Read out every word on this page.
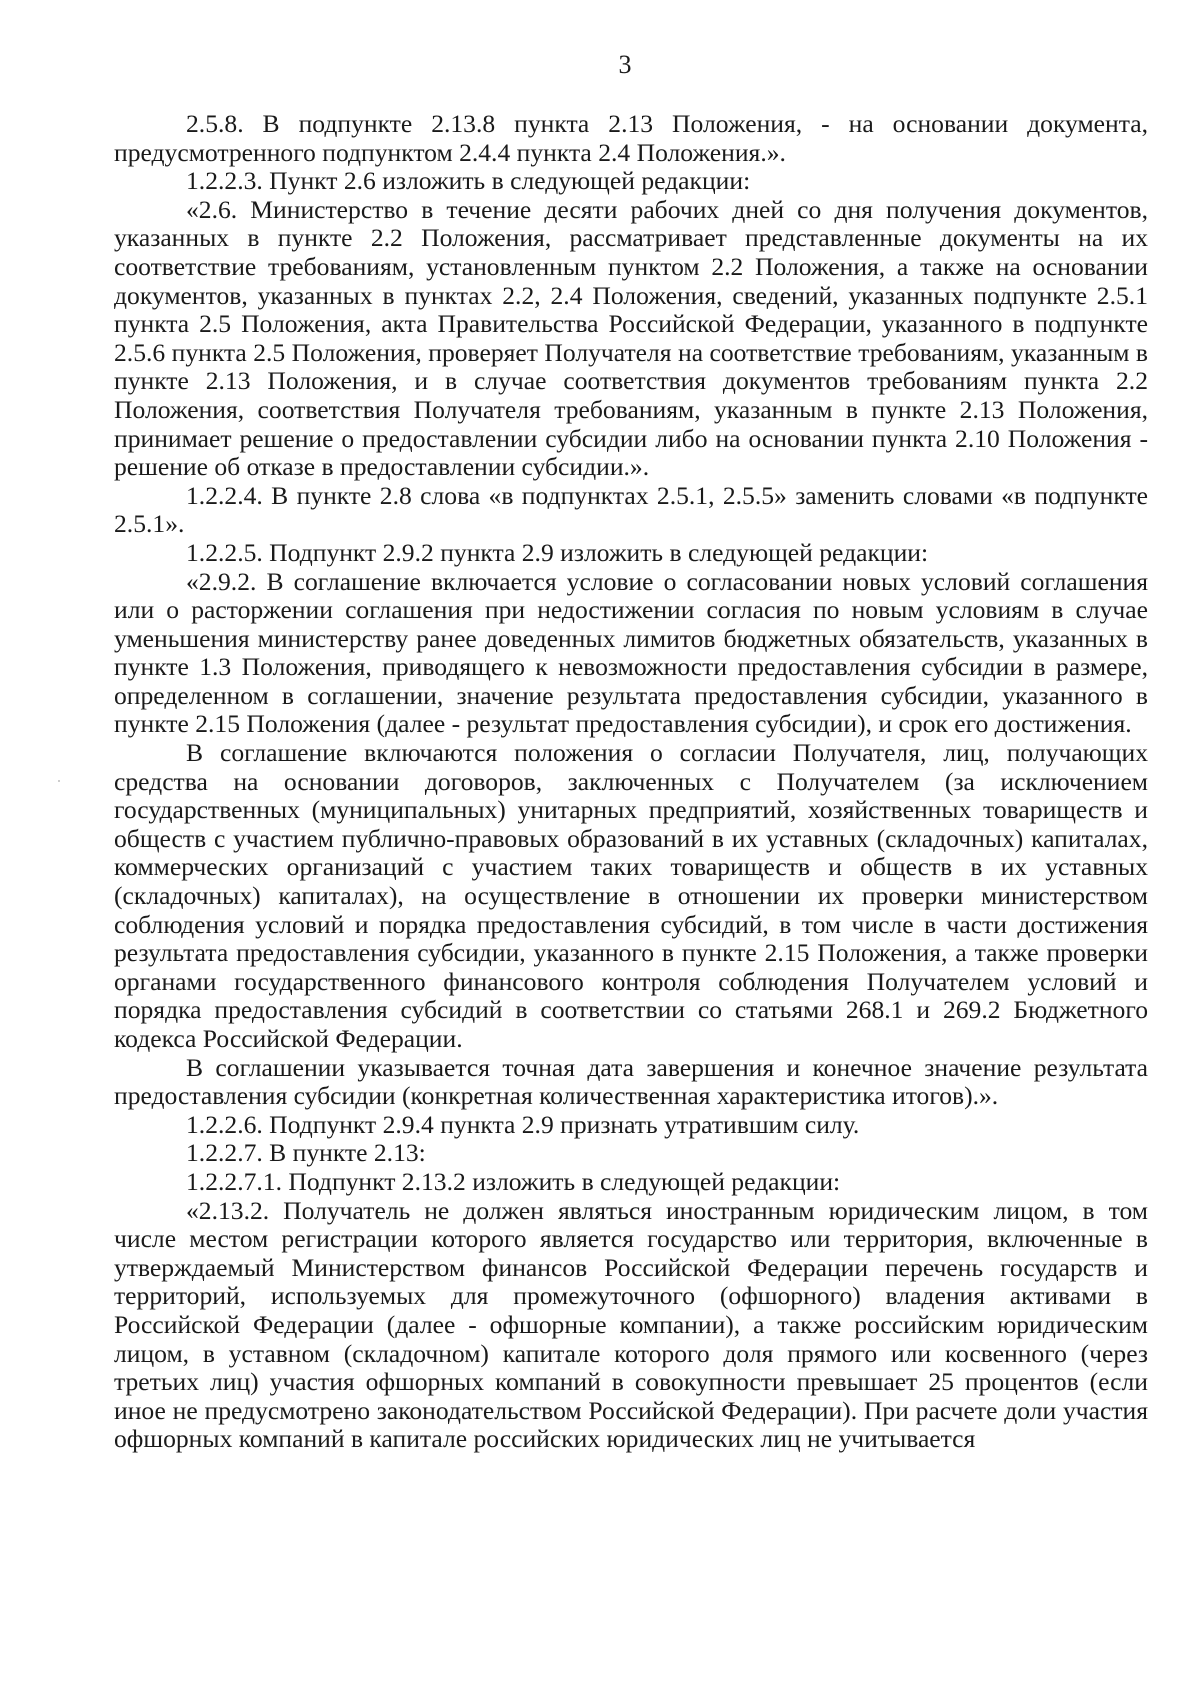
3

2.5.8. В подпункте 2.13.8 пункта 2.13 Положения, - на основании документа, предусмотренного подпунктом 2.4.4 пункта 2.4 Положения.».

1.2.2.3. Пункт 2.6 изложить в следующей редакции:

«2.6. Министерство в течение десяти рабочих дней со дня получения документов, указанных в пункте 2.2 Положения, рассматривает представленные документы на их соответствие требованиям, установленным пунктом 2.2 Положения, а также на основании документов, указанных в пунктах 2.2, 2.4 Положения, сведений, указанных подпункте 2.5.1 пункта 2.5 Положения, акта Правительства Российской Федерации, указанного в подпункте 2.5.6 пункта 2.5 Положения, проверяет Получателя на соответствие требованиям, указанным в пункте 2.13 Положения, и в случае соответствия документов требованиям пункта 2.2 Положения, соответствия Получателя требованиям, указанным в пункте 2.13 Положения, принимает решение о предоставлении субсидии либо на основании пункта 2.10 Положения - решение об отказе в предоставлении субсидии.».

1.2.2.4. В пункте 2.8 слова «в подпунктах 2.5.1, 2.5.5» заменить словами «в подпункте 2.5.1».

1.2.2.5. Подпункт 2.9.2 пункта 2.9 изложить в следующей редакции:

«2.9.2. В соглашение включается условие о согласовании новых условий соглашения или о расторжении соглашения при недостижении согласия по новым условиям в случае уменьшения министерству ранее доведенных лимитов бюджетных обязательств, указанных в пункте 1.3 Положения, приводящего к невозможности предоставления субсидии в размере, определенном в соглашении, значение результата предоставления субсидии, указанного в пункте 2.15 Положения (далее - результат предоставления субсидии), и срок его достижения.

В соглашение включаются положения о согласии Получателя, лиц, получающих средства на основании договоров, заключенных с Получателем (за исключением государственных (муниципальных) унитарных предприятий, хозяйственных товариществ и обществ с участием публично-правовых образований в их уставных (складочных) капиталах, коммерческих организаций с участием таких товариществ и обществ в их уставных (складочных) капиталах), на осуществление в отношении их проверки министерством соблюдения условий и порядка предоставления субсидий, в том числе в части достижения результата предоставления субсидии, указанного в пункте 2.15 Положения, а также проверки органами государственного финансового контроля соблюдения Получателем условий и порядка предоставления субсидий в соответствии со статьями 268.1 и 269.2 Бюджетного кодекса Российской Федерации.

В соглашении указывается точная дата завершения и конечное значение результата предоставления субсидии (конкретная количественная характеристика итогов).».

1.2.2.6. Подпункт 2.9.4 пункта 2.9 признать утратившим силу.

1.2.2.7. В пункте 2.13:

1.2.2.7.1. Подпункт 2.13.2 изложить в следующей редакции:

«2.13.2. Получатель не должен являться иностранным юридическим лицом, в том числе местом регистрации которого является государство или территория, включенные в утверждаемый Министерством финансов Российской Федерации перечень государств и территорий, используемых для промежуточного (офшорного) владения активами в Российской Федерации (далее - офшорные компании), а также российским юридическим лицом, в уставном (складочном) капитале которого доля прямого или косвенного (через третьих лиц) участия офшорных компаний в совокупности превышает 25 процентов (если иное не предусмотрено законодательством Российской Федерации). При расчете доли участия офшорных компаний в капитале российских юридических лиц не учитывается
